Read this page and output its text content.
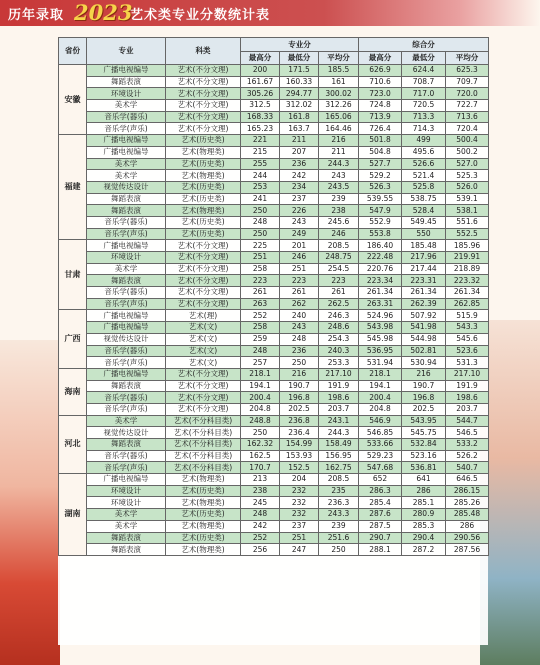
历年录取 2023
艺术类专业分数统计表
省份	专业	科类	专业分			综合分		
			最高分	最低分	平均分	最高分	最低分	平均分
安徽	广播电视编导	艺术(不分文理)	200	171.5	185.5	626.9	624.4	625.3
	舞蹈表演	艺术(不分文理)	161.67	160.33	161	710.6	708.7	709.7
	环境设计	艺术(不分文理)	305.26	294.77	300.02	723.0	717.0	720.0
	美术学	艺术(不分文理)	312.5	312.02	312.26	724.8	720.5	722.7
	音乐学(器乐)	艺术(不分文理)	168.33	161.8	165.06	713.9	713.3	713.6
	音乐学(声乐)	艺术(不分文理)	165.23	163.7	164.46	726.4	714.3	720.4
福建	广播电视编导	艺术(历史类)	221	211	216	501.8	499	500.4
	广播电视编导	艺术(物理类)	215	207	211	504.8	495.6	500.2
	美术学	艺术(历史类)	255	236	244.3	527.7	526.6	527.0
	美术学	艺术(物理类)	244	242	243	529.2	521.4	525.3
	视觉传达设计	艺术(历史类)	253	234	243.5	526.3	525.8	526.0
	舞蹈表演	艺术(历史类)	241	237	239	539.55	538.75	539.1
	舞蹈表演	艺术(物理类)	250	226	238	547.9	528.4	538.1
	音乐学(器乐)	艺术(历史类)	248	243	245.6	552.9	549.45	551.6
	音乐学(声乐)	艺术(历史类)	250	249	246	553.8	550	552.5
甘肃	广播电视编导	艺术(不分文理)	225	201	208.5	186.40	185.48	185.96
	环境设计	艺术(不分文理)	251	246	248.75	222.48	217.96	219.91
	美术学	艺术(不分文理)	258	251	254.5	220.76	217.44	218.89
	舞蹈表演	艺术(不分文理)	223	223	223	223.34	223.31	223.32
	音乐学(器乐)	艺术(不分文理)	261	261	261	261.34	261.34	261.34
	音乐学(声乐)	艺术(不分文理)	263	262	262.5	263.31	262.39	262.85
广西	广播电视编导	艺术(理)	252	240	246.3	524.96	507.92	515.9
	广播电视编导	艺术(文)	258	243	248.6	543.98	541.98	543.3
	视觉传达设计	艺术(文)	259	248	254.3	545.98	544.98	545.6
	音乐学(器乐)	艺术(文)	248	236	240.3	536.95	502.81	523.6
	音乐学(声乐)	艺术(文)	257	250	253.3	531.94	530.94	531.3
海南	广播电视编导	艺术(不分文理)	218.1	216	217.10	218.1	216	217.10
	舞蹈表演	艺术(不分文理)	194.1	190.7	191.9	194.1	190.7	191.9
	音乐学(器乐)	艺术(不分文理)	200.4	196.8	198.6	200.4	196.8	198.6
	音乐学(声乐)	艺术(不分文理)	204.8	202.5	203.7	204.8	202.5	203.7
河北	美术学	艺术(不分科目类)	248.8	236.8	243.1	546.9	543.95	544.7
	视觉传达设计	艺术(不分科目类)	250	236.4	244.3	546.85	545.75	546.5
	舞蹈表演	艺术(不分科目类)	162.32	154.99	158.49	533.66	532.84	533.2
	音乐学(器乐)	艺术(不分科目类)	162.5	153.93	156.95	529.23	523.16	526.2
	音乐学(声乐)	艺术(不分科目类)	170.7	152.5	162.75	547.68	536.81	540.7
湖南	广播电视编导	艺术(物理类)	213	204	208.5	652	641	646.5
	环境设计	艺术(历史类)	238	232	235	286.3	286	286.15
	环境设计	艺术(物理类)	245	232	236.3	285.4	285.1	285.26
	美术学	艺术(历史类)	248	232	243.3	287.6	280.9	285.48
	美术学	艺术(物理类)	242	237	239	287.5	285.3	286
	舞蹈表演	艺术(历史类)	252	251	251.6	290.7	290.4	290.56
	舞蹈表演	艺术(物理类)	256	247	250	288.1	287.2	287.56
